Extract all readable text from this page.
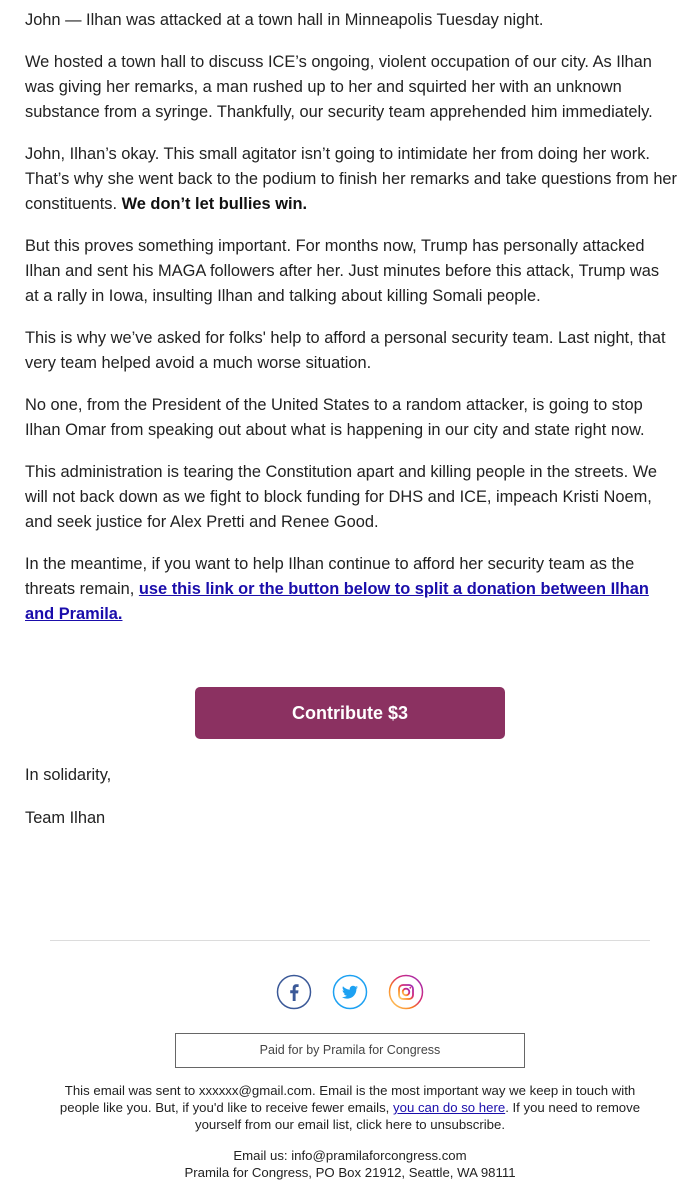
John — Ilhan was attacked at a town hall in Minneapolis Tuesday night.

We hosted a town hall to discuss ICE’s ongoing, violent occupation of our city. As Ilhan was giving her remarks, a man rushed up to her and squirted her with an unknown substance from a syringe. Thankfully, our security team apprehended him immediately.

John, Ilhan’s okay. This small agitator isn’t going to intimidate her from doing her work. That’s why she went back to the podium to finish her remarks and take questions from her constituents. We don’t let bullies win.

But this proves something important. For months now, Trump has personally attacked Ilhan and sent his MAGA followers after her. Just minutes before this attack, Trump was at a rally in Iowa, insulting Ilhan and talking about killing Somali people.

This is why we’ve asked for folks' help to afford a personal security team. Last night, that very team helped avoid a much worse situation.

No one, from the President of the United States to a random attacker, is going to stop Ilhan Omar from speaking out about what is happening in our city and state right now.

This administration is tearing the Constitution apart and killing people in the streets. We will not back down as we fight to block funding for DHS and ICE, impeach Kristi Noem, and seek justice for Alex Pretti and Renee Good.

In the meantime, if you want to help Ilhan continue to afford her security team as the threats remain, use this link or the button below to split a donation between Ilhan and Pramila.

Contribute $3
In solidarity,
Team Ilhan
Paid for by Pramila for Congress
This email was sent to xxxxxx@gmail.com. Email is the most important way we keep in touch with people like you. But, if you'd like to receive fewer emails, you can do so here. If you need to remove yourself from our email list, click here to unsubscribe.
Email us: info@pramilaforcongress.com
Pramila for Congress, PO Box 21912, Seattle, WA 98111
